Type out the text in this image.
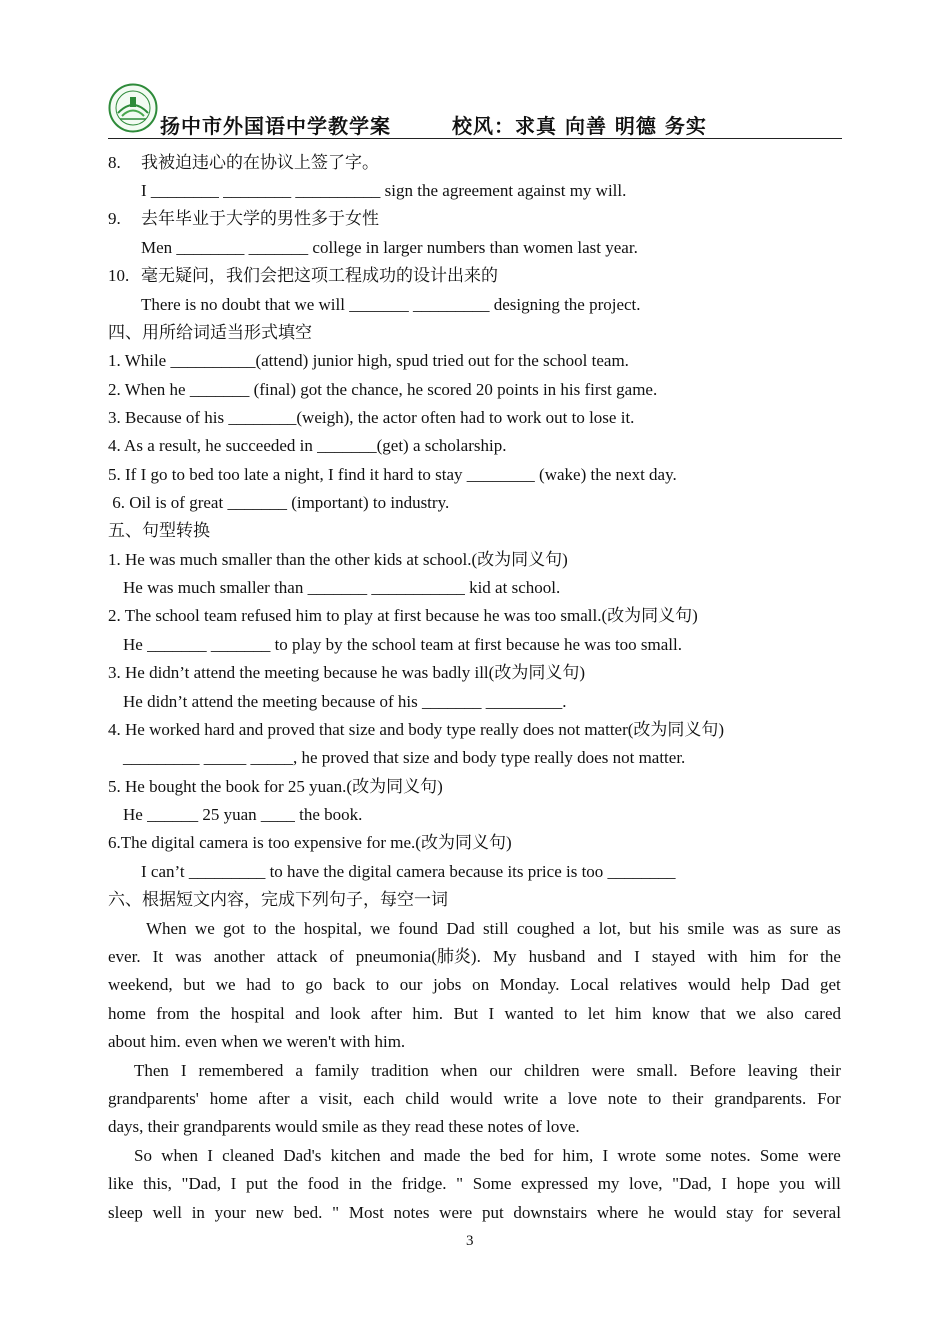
扬中市外国语中学教学案	校风：求真 向善 明德 务实
8. 我被迫违心的在协议上签了字。
I ________ ________ __________ sign the agreement against my will.
9. 去年毕业于大学的男性多于女性
Men ________ _______ college in larger numbers than women last year.
10. 毫无疑问，我们会把这项工程成功的设计出来的
There is no doubt that we will _______ _________ designing the project.
四、用所给词适当形式填空
1. While __________(attend) junior high, spud tried out for the school team.
2. When he _______ (final) got the chance, he scored 20 points in his first game.
3. Because of his ________(weigh), the actor often had to work out to lose it.
4. As a result, he succeeded in _______(get) a scholarship.
5. If I go to bed too late a night, I find it hard to stay ________ (wake) the next day.
6. Oil is of great _______ (important) to industry.
五、句型转换
1. He was much smaller than the other kids at school.(改为同义句)
He was much smaller than _______ ___________ kid at school.
2. The school team refused him to play at first because he was too small.(改为同义句)
He _______ _______ to play by the school team at first because he was too small.
3. He didn’t attend the meeting because he was badly ill(改为同义句)
He didn’t attend the meeting because of his _______ _________.
4. He worked hard and proved that size and body type really does not matter(改为同义句)
_________ _____ _____, he proved that size and body type really does not matter.
5. He bought the book for 25 yuan.(改为同义句)
He ______ 25 yuan ____ the book.
6.The digital camera is too expensive for me.(改为同义句)
I can’t _________ to have the digital camera because its price is too ________
六、根据短文内容，完成下列句子，每空一词
When we got to the hospital, we found Dad still coughed a lot, but his smile was as sure as
ever. It was another attack of pneumonia(肺炎). My husband and I stayed with him for the
weekend, but we had to go back to our jobs on Monday. Local relatives would help Dad get
home from the hospital and look after him. But I wanted to let him know that we also cared
about him. even when we weren't with him.
Then I remembered a family tradition when our children were small. Before leaving their
grandparents' home after a visit, each child would write a love note to their grandparents. For
days, their grandparents would smile as they read these notes of love.
So when I cleaned Dad's kitchen and made the bed for him, I wrote some notes. Some were
like this, "Dad, I put the food in the fridge. " Some expressed my love, "Dad, I hope you will
sleep well in your new bed. " Most notes were put downstairs where he would stay for several
3
